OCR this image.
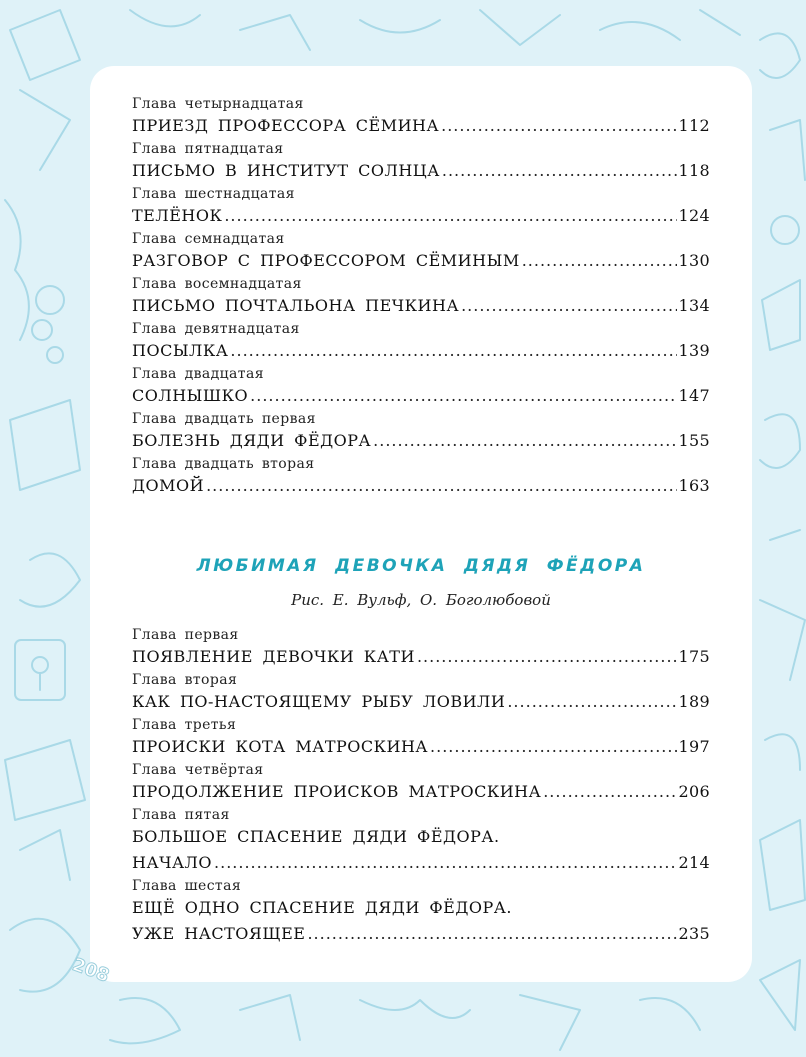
Глава четырнадцатая
ПРИЕЗД ПРОФЕССОРА СЁМИНА .....	112
Глава пятнадцатая
ПИСЬМО В ИНСТИТУТ СОЛНЦА .....	118
Глава шестнадцатая
ТЕЛЁНОК .....	124
Глава семнадцатая
РАЗГОВОР С ПРОФЕССОРОМ СЁМИНЫМ .....	130
Глава восемнадцатая
ПИСЬМО ПОЧТАЛЬОНА ПЕЧКИНА .....	134
Глава девятнадцатая
ПОСЫЛКА .....	139
Глава двадцатая
СОЛНЫШКО .....	147
Глава двадцать первая
БОЛЕЗНЬ ДЯДИ ФЁДОРА .....	155
Глава двадцать вторая
ДОМОЙ .....	163
ЛЮБИМАЯ ДЕВОЧКА ДЯДЯ ФЁДОРА
Рис. Е. Вульф, О. Боголюбовой
Глава первая
ПОЯВЛЕНИЕ ДЕВОЧКИ КАТИ .....	175
Глава вторая
КАК ПО-НАСТОЯЩЕМУ РЫБУ ЛОВИЛИ .....	189
Глава третья
ПРОИСКИ КОТА МАТРОСКИНА .....	197
Глава четвёртая
ПРОДОЛЖЕНИЕ ПРОИСКОВ МАТРОСКИНА .....	206
Глава пятая
БОЛЬШОЕ СПАСЕНИЕ ДЯДИ ФЁДОРА.
НАЧАЛО .....	214
Глава шестая
ЕЩЁ ОДНО СПАСЕНИЕ ДЯДИ ФЁДОРА.
УЖЕ НАСТОЯЩЕЕ .....	235
208
